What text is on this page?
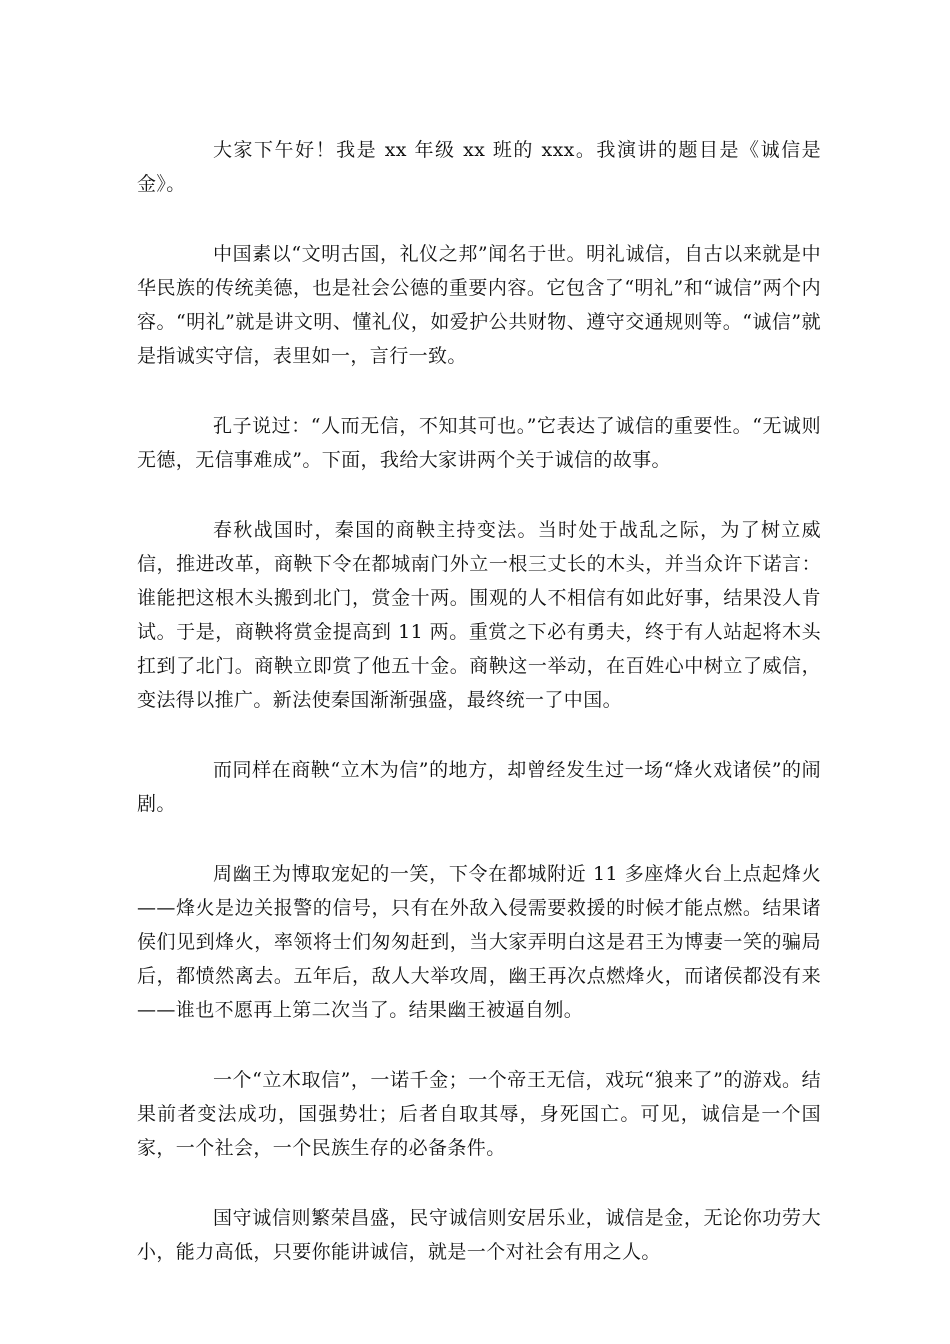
大家下午好！我是 xx 年级 xx 班的 xxx。我演讲的题目是《诚信是金》。

中国素以“文明古国，礼仪之邦”闻名于世。明礼诚信，自古以来就是中华民族的传统美德，也是社会公德的重要内容。它包含了“明礼”和“诚信”两个内容。“明礼”就是讲文明、懂礼仪，如爱护公共财物、遵守交通规则等。“诚信”就是指诚实守信，表里如一，言行一致。

孔子说过：“人而无信，不知其可也。”它表达了诚信的重要性。“无诚则无德，无信事难成”。下面，我给大家讲两个关于诚信的故事。

春秋战国时，秦国的商鞅主持变法。当时处于战乱之际，为了树立威信，推进改革，商鞅下令在都城南门外立一根三丈长的木头，并当众许下诺言：谁能把这根木头搬到北门，赏金十两。围观的人不相信有如此好事，结果没人肯试。于是，商鞅将赏金提高到 11 两。重赏之下必有勇夫，终于有人站起将木头扛到了北门。商鞅立即赏了他五十金。商鞅这一举动，在百姓心中树立了威信，变法得以推广。新法使秦国渐渐强盛，最终统一了中国。

而同样在商鞅“立木为信”的地方，却曾经发生过一场“烽火戏诸侯”的闹剧。

周幽王为博取宠妃的一笑，下令在都城附近 11 多座烽火台上点起烽火——烽火是边关报警的信号，只有在外敌入侵需要救援的时候才能点燃。结果诸侯们见到烽火，率领将士们匆匆赶到，当大家弄明白这是君王为博妻一笑的骗局后，都愤然离去。五年后，敌人大举攻周，幽王再次点燃烽火，而诸侯都没有来——谁也不愿再上第二次当了。结果幽王被逼自刎。

一个“立木取信”，一诺千金；一个帝王无信，戏玩“狼来了”的游戏。结果前者变法成功，国强势壮；后者自取其辱，身死国亡。可见，诚信是一个国家，一个社会，一个民族生存的必备条件。

国守诚信则繁荣昌盛，民守诚信则安居乐业，诚信是金，无论你功劳大小，能力高低，只要你能讲诚信，就是一个对社会有用之人。
